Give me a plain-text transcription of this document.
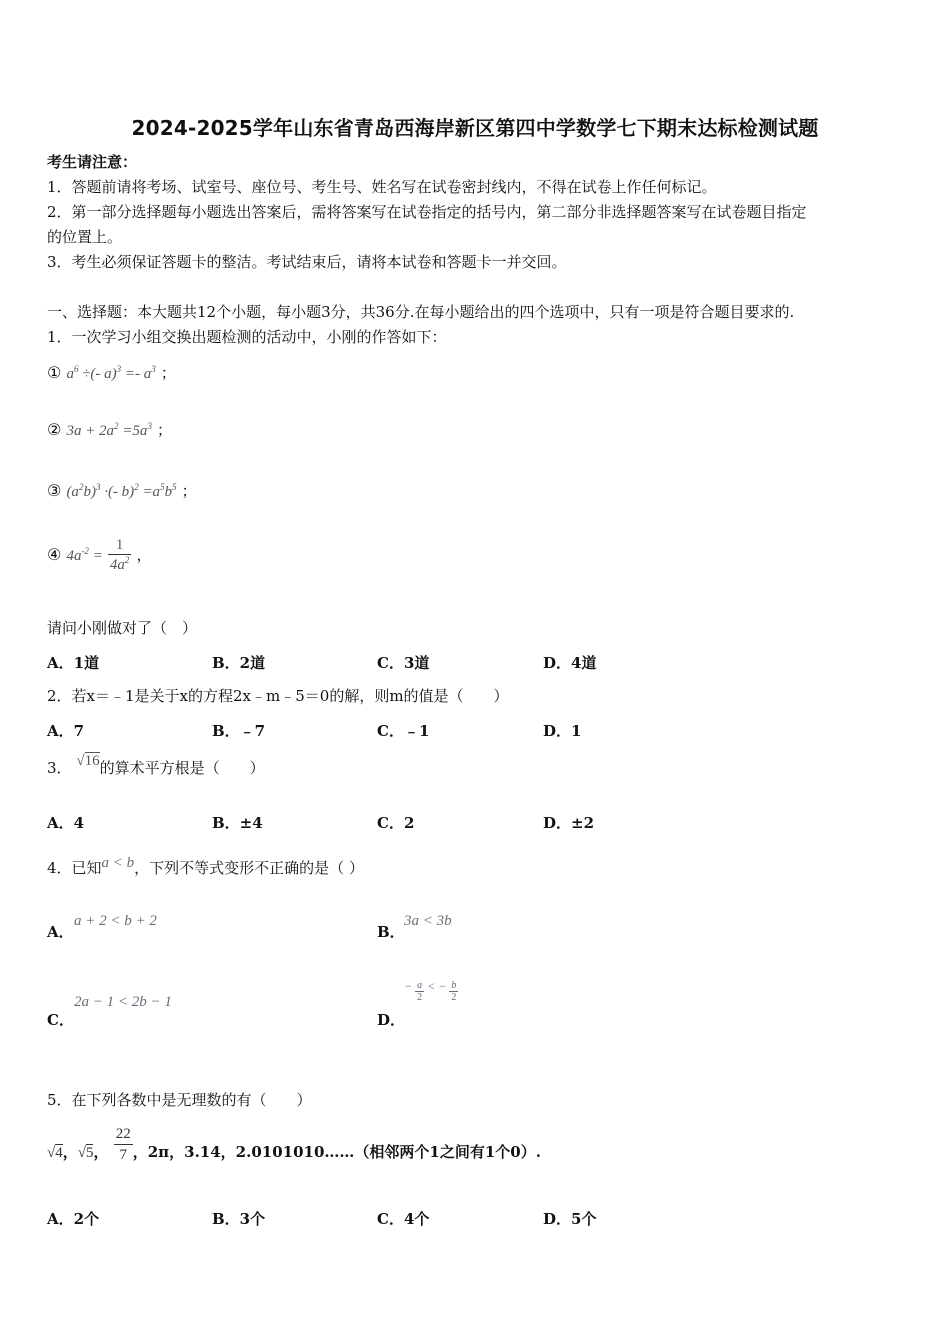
2024-2025学年山东省青岛西海岸新区第四中学数学七下期末达标检测试题
考生请注意：
1．答题前请将考场、试室号、座位号、考生号、姓名写在试卷密封线内，不得在试卷上作任何标记。
2．第一部分选择题每小题选出答案后，需将答案写在试卷指定的括号内，第二部分非选择题答案写在试卷题目指定
的位置上。
3．考生必须保证答题卡的整洁。考试结束后，请将本试卷和答题卡一并交回。
一、选择题：本大题共12个小题，每小题3分，共36分.在每小题给出的四个选项中，只有一项是符合题目要求的.
1．一次学习小组交换出题检测的活动中，小刚的作答如下：
① $a^6$ ÷(- $a)^3 =- a^3$ ；
② $3a + 2a^2 =5a^3$ ；
③ $(a^2b)^3$ ·(- $b)^2 =a^5b^5$ ；
④ $4a^{-2} = \frac{1}{4a^2}$ ，
请问小刚做对了（　）
A．1道	B．2道	C．3道	D．4道
2．若x＝﹣1是关于x的方程2x﹣m﹣5＝0的解，则m的值是（　　）
A．7	B．﹣7	C．﹣1	D．1
3． √16的算术平方根是（　　）
A．4	B．±4	C．2	D．±2
4．已知a < b，下列不等式变形不正确的是（ ）
A．
a + 2 < b + 2
B．
3a < 3b
C．
2a − 1 < 2b − 1
D．
− $\frac{a}{2}$ < − $\frac{b}{2}$
5．在下列各数中是无理数的有（　　）
√4，√5， $\frac{22}{7}$ ，2π，3.14，2.0101010……（相邻两个1之间有1个0）.
A．2个	B．3个	C．4个	D．5个
